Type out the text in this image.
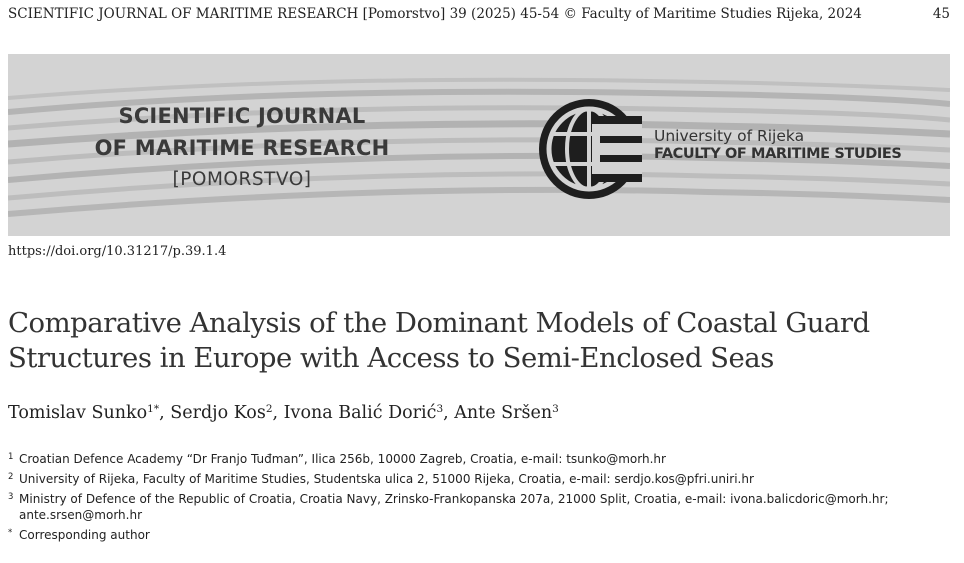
SCIENTIFIC JOURNAL OF MARITIME RESEARCH [Pomorstvo] 39 (2025) 45-54 © Faculty of Maritime Studies Rijeka, 2024	45
SCIENTIFIC JOURNAL
OF MARITIME RESEARCH
[POMORSTVO]
University of Rijeka
FACULTY OF MARITIME STUDIES
https://doi.org/10.31217/p.39.1.4
Comparative Analysis of the Dominant Models of Coastal Guard
Structures in Europe with Access to Semi-Enclosed Seas
Tomislav Sunko$^{1*}$, Serdjo Kos$^2$, Ivona Balić Dorić$^3$, Ante Sršen$^3$
1 Croatian Defence Academy “Dr Franjo Tuđman”, Ilica 256b, 10000 Zagreb, Croatia, e-mail: tsunko@morh.hr
2 University of Rijeka, Faculty of Maritime Studies, Studentska ulica 2, 51000 Rijeka, Croatia, e-mail: serdjo.kos@pfri.uniri.hr
3 Ministry of Defence of the Republic of Croatia, Croatia Navy, Zrinsko-Frankopanska 207a, 21000 Split, Croatia, e-mail: ivona.balicdoric@morh.hr;
ante.srsen@morh.hr
* Corresponding author
